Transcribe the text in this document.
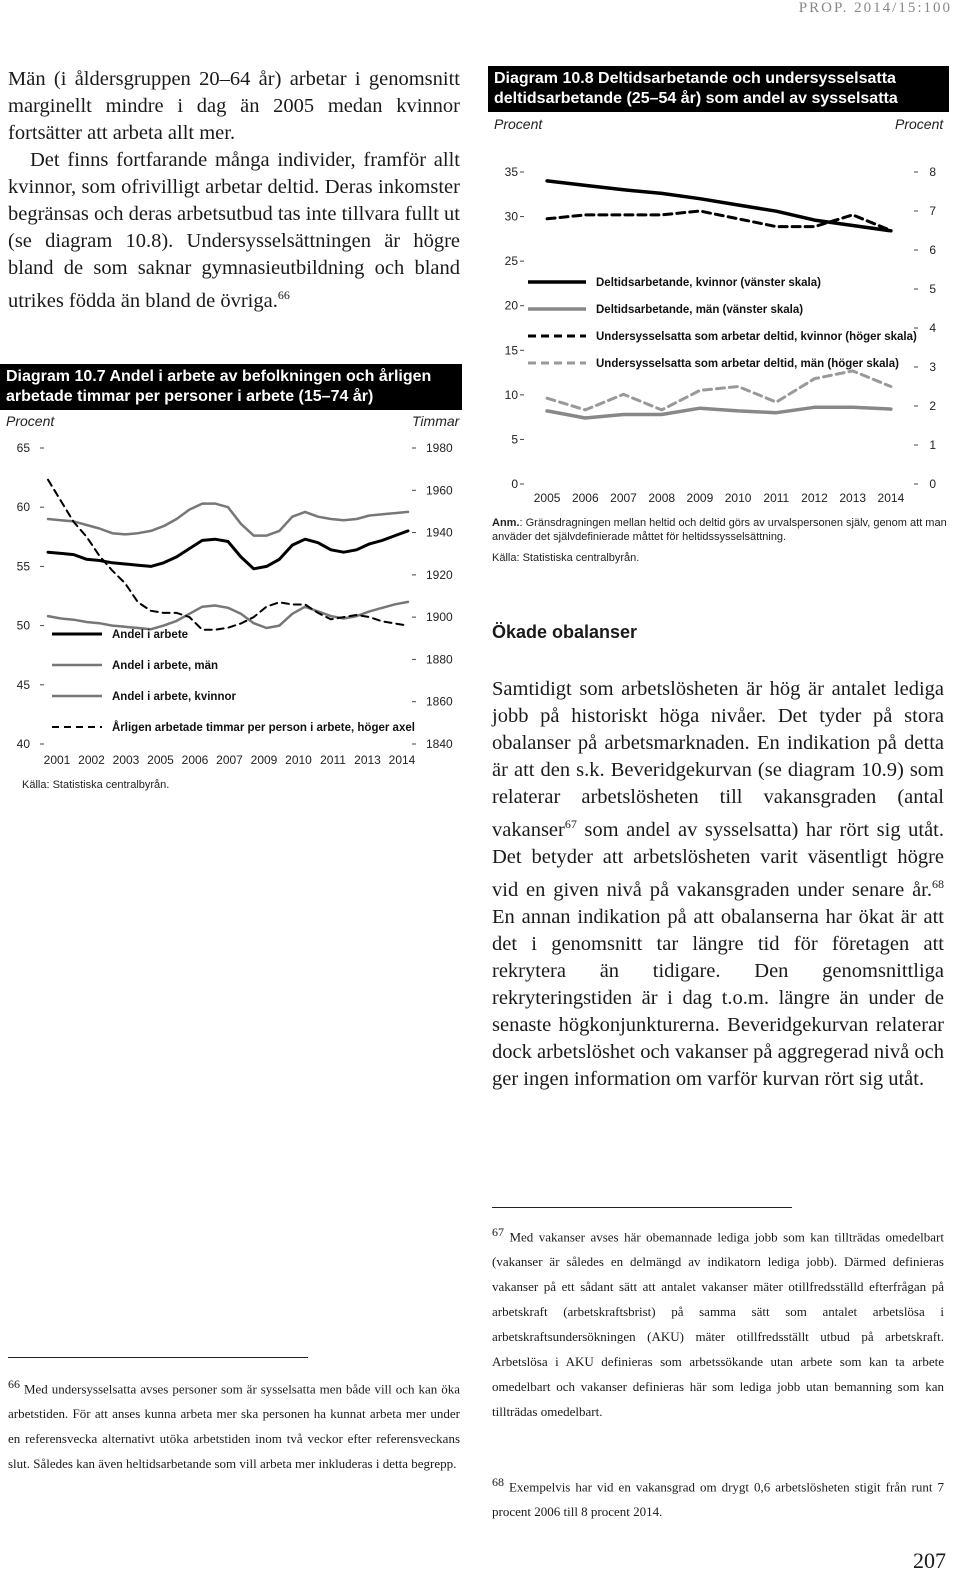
PROP. 2014/15:100

Män (i åldersgruppen 20–64 år) arbetar i genomsnitt marginellt mindre i dag än 2005 medan kvinnor fortsätter att arbeta allt mer.

Det finns fortfarande många individer, framför allt kvinnor, som ofrivilligt arbetar deltid. Deras inkomster begränsas och deras arbetsutbud tas inte tillvara fullt ut (se diagram 10.8). Undersysselsättningen är högre bland de som saknar gymnasieutbildning och bland utrikes födda än bland de övriga.$^{66}$

Diagram 10.7 Andel i arbete av befolkningen och årligen arbetade timmar per personer i arbete (15–74 år)
Procent	Timmar
40
45
50
55
60
65
1840
1860
1880
1900
1920
1940
1960
1980
2001 2002 2003 2005 2006 2007 2009 2010 2011 2013 2014
Andel i arbete
Andel i arbete, män
Andel i arbete, kvinnor
Årligen arbetade timmar per person i arbete, höger axel
Källa: Statistiska centralbyrån.
Diagram 10.8 Deltidsarbetande och undersysselsatta deltidsarbetande (25–54 år) som andel av sysselsatta
Procent	Procent
0
5
10
15
20
25
30
35
0
1
2
3
4
5
6
7
8
2005 2006 2007 2008 2009 2010 2011 2012 2013 2014
Deltidsarbetande, kvinnor (vänster skala)
Deltidsarbetande, män (vänster skala)
Undersysselsatta som arbetar deltid, kvinnor (höger skala)
Undersysselsatta som arbetar deltid, män (höger skala)

Anm.: Gränsdragningen mellan heltid och deltid görs av urvalspersonen själv, genom att man anväder det självdefinierade måttet för heltidssysselsättning.

Källa: Statistiska centralbyrån.
Ökade obalanser

Samtidigt som arbetslösheten är hög är antalet lediga jobb på historiskt höga nivåer. Det tyder på stora obalanser på arbetsmarknaden. En indikation på detta är att den s.k. Beveridgekurvan (se diagram 10.9) som relaterar arbetslösheten till vakansgraden (antal vakanser$^{67}$ som andel av sysselsatta) har rört sig utåt. Det betyder att arbetslösheten varit väsentligt högre vid en given nivå på vakansgraden under senare år.$^{68}$ En annan indikation på att obalanserna har ökat är att det i genomsnitt tar längre tid för företagen att rekrytera än tidigare. Den genomsnittliga rekryteringstiden är i dag t.o.m. längre än under de senaste högkonjunkturerna. Beveridgekurvan relaterar dock arbetslöshet och vakanser på aggregerad nivå och ger ingen information om varför kurvan rört sig utåt.

$^{67}$ Med vakanser avses här obemannade lediga jobb som kan tillträdas omedelbart (vakanser är således en delmängd av indikatorn lediga jobb). Därmed definieras vakanser på ett sådant sätt att antalet vakanser mäter otillfredsställd efterfrågan på arbetskraft (arbetskraftsbrist) på samma sätt som antalet arbetslösa i arbetskraftsundersökningen (AKU) mäter otillfredsställt utbud på arbetskraft. Arbetslösa i AKU definieras som arbetssökande utan arbete som kan ta arbete omedelbart och vakanser definieras här som lediga jobb utan bemanning som kan tillträdas omedelbart.

$^{68}$ Exempelvis har vid en vakansgrad om drygt 0,6 arbetslösheten stigit från runt 7 procent 2006 till 8 procent 2014.

$^{66}$ Med undersysselsatta avses personer som är sysselsatta men både vill och kan öka arbetstiden. För att anses kunna arbeta mer ska personen ha kunnat arbeta mer under en referensvecka alternativt utöka arbetstiden inom två veckor efter referensveckans slut. Således kan även heltidsarbetande som vill arbeta mer inkluderas i detta begrepp.

207
